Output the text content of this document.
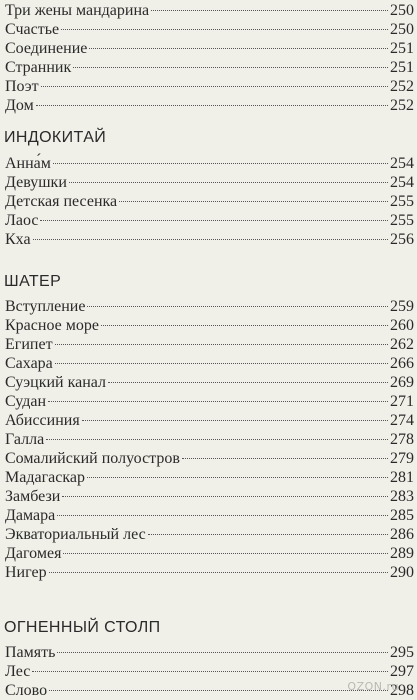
Три жены мандарина	250
Счастье	250
Соединение	251
Странник	251
Поэт	252
Дом	252
ИНДОКИТАЙ
Анна́м	254
Девушки	254
Детская песенка	255
Лаос	255
Кха	256
ШАТЕР
Вступление	259
Красное море	260
Египет	262
Сахара	266
Суэцкий канал	269
Судан	271
Абиссиния	274
Галла	278
Сомалийский полуостров	279
Мадагаскар	281
Замбези	283
Дамара	285
Экваториальный лес	286
Дагомея	289
Нигер	290
ОГНЕННЫЙ СТОЛП
Память	295
Лес	297
Слово	298
OZON.ru
